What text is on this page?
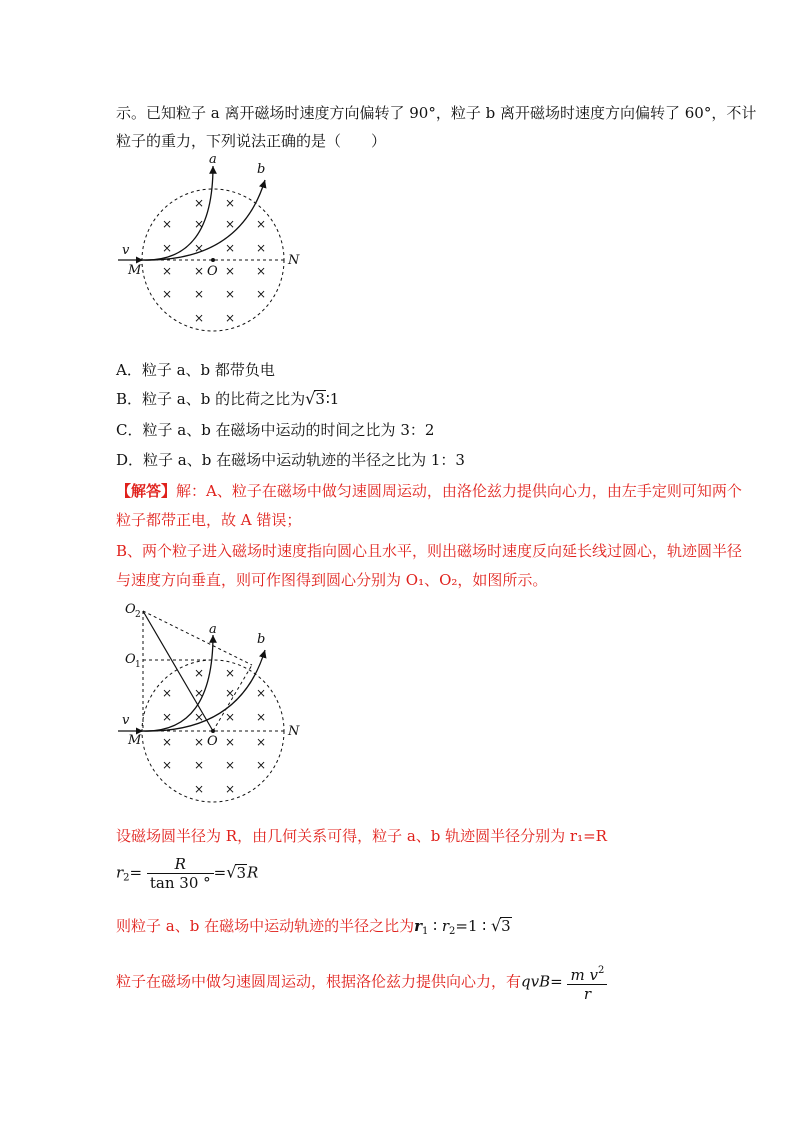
示。已知粒子 a 离开磁场时速度方向偏转了 90°，粒子 b 离开磁场时速度方向偏转了 60°，不计
粒子的重力，下列说法正确的是（　　）
× ×
× × × ×
× × × ×
× × × ×
× × × ×
× ×
a
b
v
M	O
N
A．粒子 a、b 都带负电
B．粒子 a、b 的比荷之比为√3∶1
C．粒子 a、b 在磁场中运动的时间之比为 3：2
D．粒子 a、b 在磁场中运动轨迹的半径之比为 1：3
【解答】解：A、粒子在磁场中做匀速圆周运动，由洛伦兹力提供向心力，由左手定则可知两个
粒子都带正电，故 A 错误；
B、两个粒子进入磁场时速度指向圆心且水平，则出磁场时速度反向延长线过圆心，轨迹圆半径
与速度方向垂直，则可作图得到圆心分别为 O₁、O₂，如图所示。
× ×
× × × ×
× × × ×
× × × ×
× × × ×
× ×
O 2
O 1
a
b
v
M	O
N
设磁场圆半径为 R，由几何关系可得，粒子 a、b 轨迹圆半径分别为 r₁=R
$r_2= \frac{R}{\tan 30 ^\circ} =√3R$
则粒子 a、b 在磁场中运动轨迹的半径之比为$r_1$ ∶ $r_2=1$ ∶ √3
粒子在磁场中做匀速圆周运动，根据洛伦兹力提供向心力，有$qvB= \frac{m v^2}{r}$
